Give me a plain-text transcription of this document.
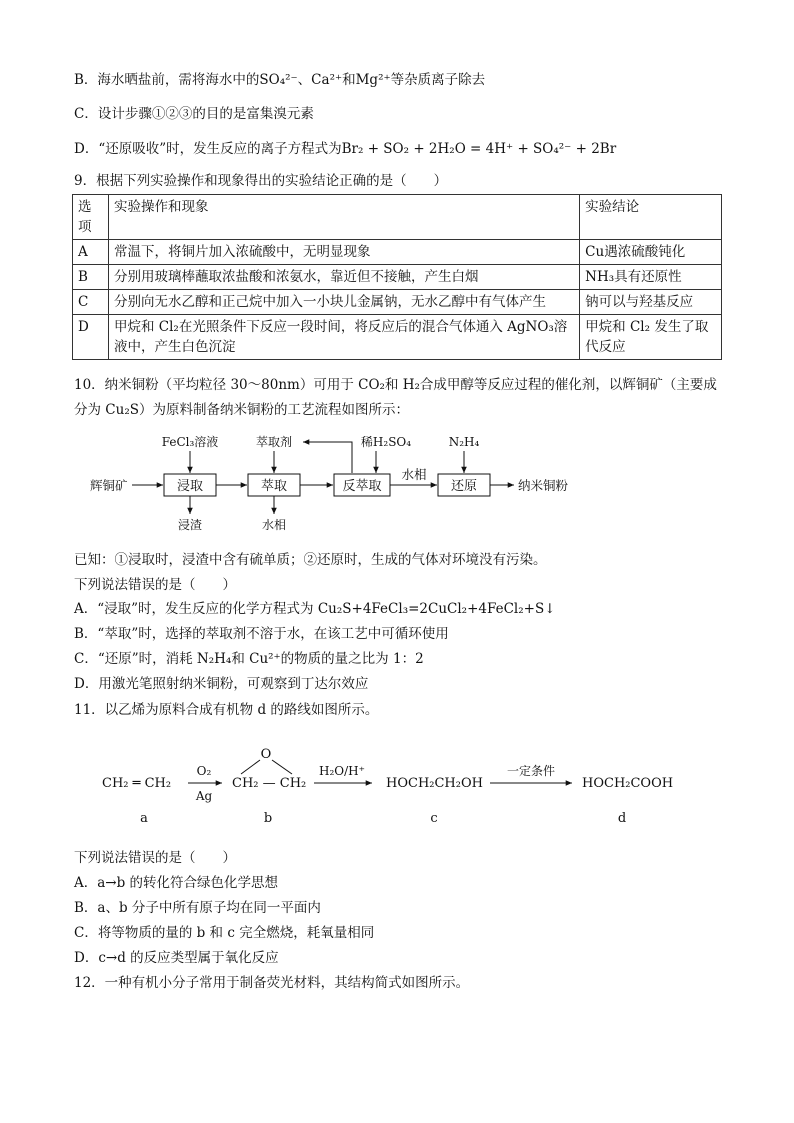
B．海水晒盐前，需将海水中的SO₄²⁻、Ca²⁺和Mg²⁺等杂质离子除去
C．设计步骤①②③的目的是富集溴元素
D．“还原吸收”时，发生反应的离子方程式为Br₂ + SO₂ + 2H₂O = 4H⁺ + SO₄²⁻ + 2Br
9．根据下列实验操作和现象得出的实验结论正确的是（　　）
选项	实验操作和现象	实验结论
A	常温下，将铜片加入浓硫酸中，无明显现象	Cu遇浓硫酸钝化
B	分别用玻璃棒蘸取浓盐酸和浓氨水，靠近但不接触，产生白烟	NH₃具有还原性
C	分别向无水乙醇和正己烷中加入一小块儿金属钠，无水乙醇中有气体产生	钠可以与羟基反应
D	甲烷和 Cl₂在光照条件下反应一段时间，将反应后的混合气体通入 AgNO₃溶液中，产生白色沉淀	甲烷和 Cl₂ 发生了取代反应
10．纳米铜粉（平均粒径 30～80nm）可用于 CO₂和 H₂合成甲醇等反应过程的催化剂，以辉铜矿（主要成
分为 Cu₂S）为原料制备纳米铜粉的工艺流程如图所示：
浸取	萃取	反萃取	还原
辉铜矿
水相
纳米铜粉
FeCl₃溶液	萃取剂	稀H₂SO₄	N₂H₄
浸渣	水相
已知：①浸取时，浸渣中含有硫单质；②还原时，生成的气体对环境没有污染。
下列说法错误的是（　　）
A．“浸取”时，发生反应的化学方程式为 Cu₂S+4FeCl₃=2CuCl₂+4FeCl₂+S↓
B．“萃取”时，选择的萃取剂不溶于水，在该工艺中可循环使用
C．“还原”时，消耗 N₂H₄和 Cu²⁺的物质的量之比为 1：2
D．用激光笔照射纳米铜粉，可观察到丁达尔效应
11．以乙烯为原料合成有机物 d 的路线如图所示。
CH₂ ═ CH₂
O₂
Ag
O
CH₂ — CH₂
H₂O/H⁺
HOCH₂CH₂OH
一定条件
HOCH₂COOH
a	b	c	d
下列说法错误的是（　　）
A．a→b 的转化符合绿色化学思想
B．a、b 分子中所有原子均在同一平面内
C．将等物质的量的 b 和 c 完全燃烧，耗氧量相同
D．c→d 的反应类型属于氧化反应
12．一种有机小分子常用于制备荧光材料，其结构简式如图所示。
